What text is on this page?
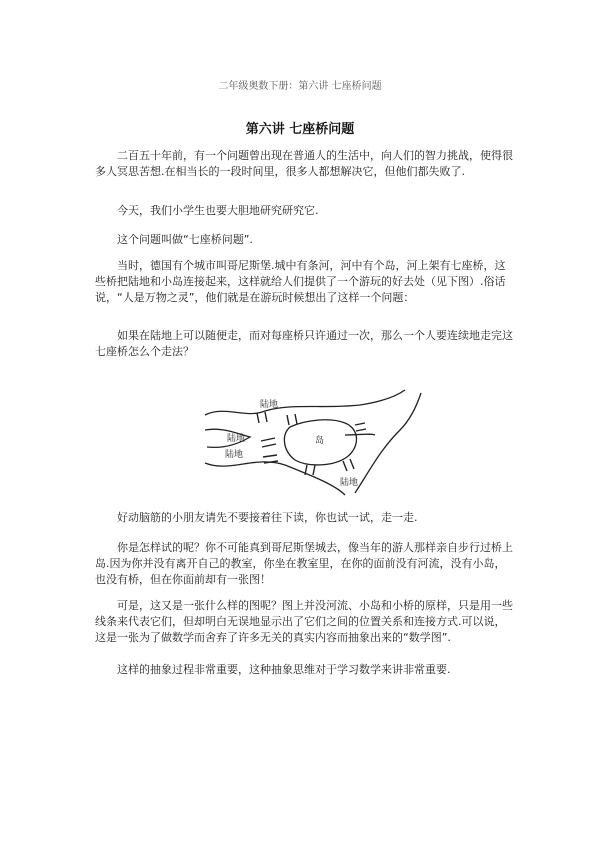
二年级奥数下册：第六讲 七座桥问题
第六讲 七座桥问题
二百五十年前，有一个问题曾出现在普通人的生活中，向人们的智力挑战，使得很多人冥思苦想.在相当长的一段时间里，很多人都想解决它，但他们都失败了.
今天，我们小学生也要大胆地研究研究它.
这个问题叫做“七座桥问题”.
当时，德国有个城市叫哥尼斯堡.城中有条河，河中有个岛，河上架有七座桥，这些桥把陆地和小岛连接起来，这样就给人们提供了一个游玩的好去处（见下图）.俗话说，“人是万物之灵”，他们就是在游玩时候想出了这样一个问题：
如果在陆地上可以随便走，而对每座桥只许通过一次，那么一个人要连续地走完这七座桥怎么个走法？
陆地
陆地	岛
陆地
陆地
好动脑筋的小朋友请先不要接着往下读，你也试一试，走一走.
你是怎样试的呢？你不可能真到哥尼斯堡城去，像当年的游人那样亲自步行过桥上岛.因为你并没有离开自己的教室，你坐在教室里，在你的面前没有河流，没有小岛，也没有桥，但在你面前却有一张图！
可是，这又是一张什么样的图呢？图上并没河流、小岛和小桥的原样，只是用一些线条来代表它们，但却明白无误地显示出了它们之间的位置关系和连接方式.可以说，这是一张为了做数学而舍弃了许多无关的真实内容而抽象出来的“数学图”.
这样的抽象过程非常重要，这种抽象思维对于学习数学来讲非常重要.
